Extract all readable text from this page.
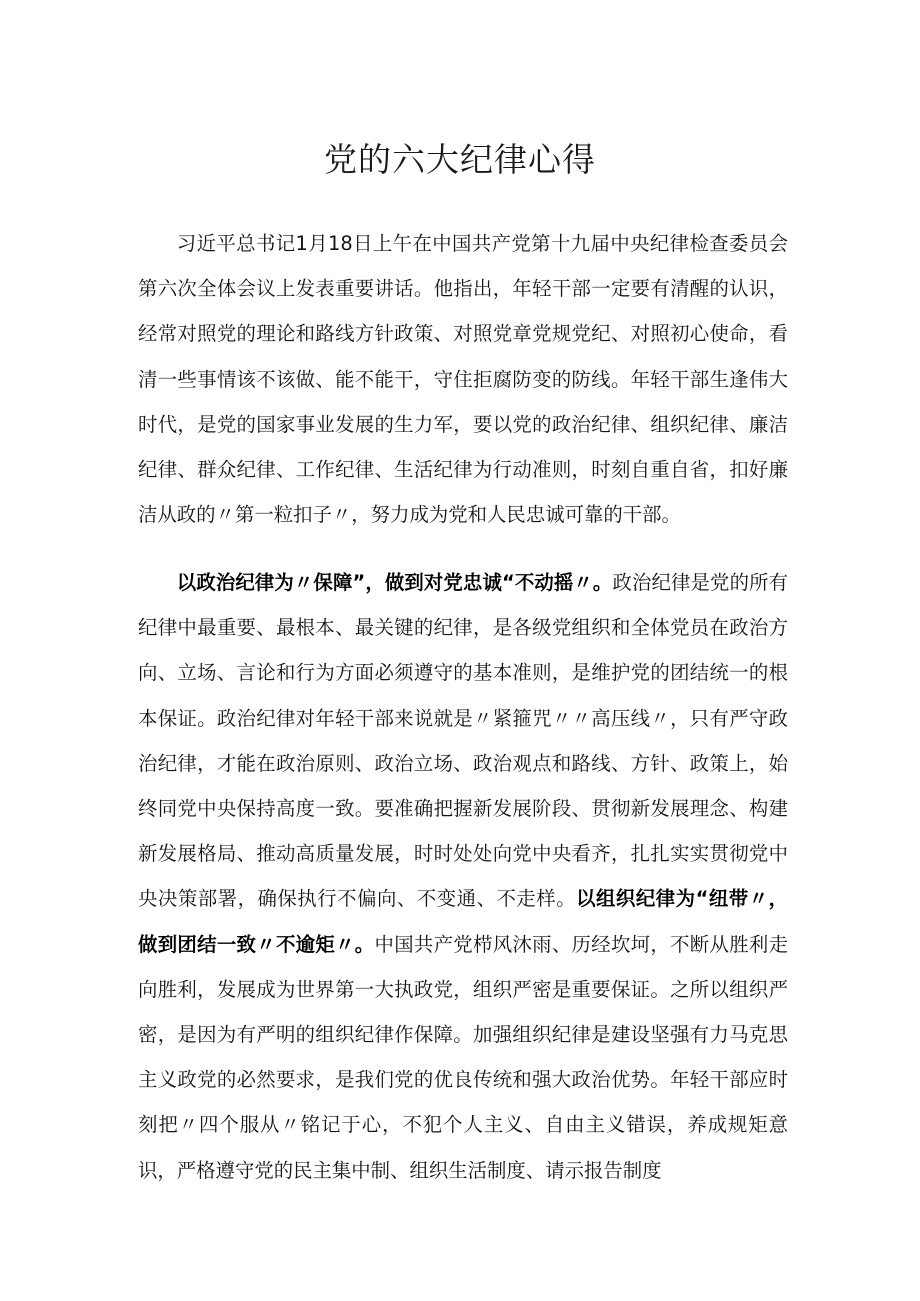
党的六大纪律心得

习近平总书记1月18日上午在中国共产党第十九届中央纪律检查委员会第六次全体会议上发表重要讲话。他指出，年轻干部一定要有清醒的认识，经常对照党的理论和路线方针政策、对照党章党规党纪、对照初心使命，看清一些事情该不该做、能不能干，守住拒腐防变的防线。年轻干部生逢伟大时代，是党的国家事业发展的生力军，要以党的政治纪律、组织纪律、廉洁纪律、群众纪律、工作纪律、生活纪律为行动准则，时刻自重自省，扣好廉洁从政的〃第一粒扣子〃，努力成为党和人民忠诚可靠的干部。

以政治纪律为〃保障”，做到对党忠诚“不动摇〃。政治纪律是党的所有纪律中最重要、最根本、最关键的纪律，是各级党组织和全体党员在政治方向、立场、言论和行为方面必须遵守的基本准则，是维护党的团结统一的根本保证。政治纪律对年轻干部来说就是〃紧箍咒〃〃高压线〃，只有严守政治纪律，才能在政治原则、政治立场、政治观点和路线、方针、政策上，始终同党中央保持高度一致。要准确把握新发展阶段、贯彻新发展理念、构建新发展格局、推动高质量发展，时时处处向党中央看齐，扎扎实实贯彻党中央决策部署，确保执行不偏向、不变通、不走样。以组织纪律为“纽带〃，做到团结一致〃不逾矩〃。中国共产党栉风沐雨、历经坎坷，不断从胜利走向胜利，发展成为世界第一大执政党，组织严密是重要保证。之所以组织严密，是因为有严明的组织纪律作保障。加强组织纪律是建设坚强有力马克思主义政党的必然要求，是我们党的优良传统和强大政治优势。年轻干部应时刻把〃四个服从〃铭记于心，不犯个人主义、自由主义错误，养成规矩意识，严格遵守党的民主集中制、组织生活制度、请示报告制度
